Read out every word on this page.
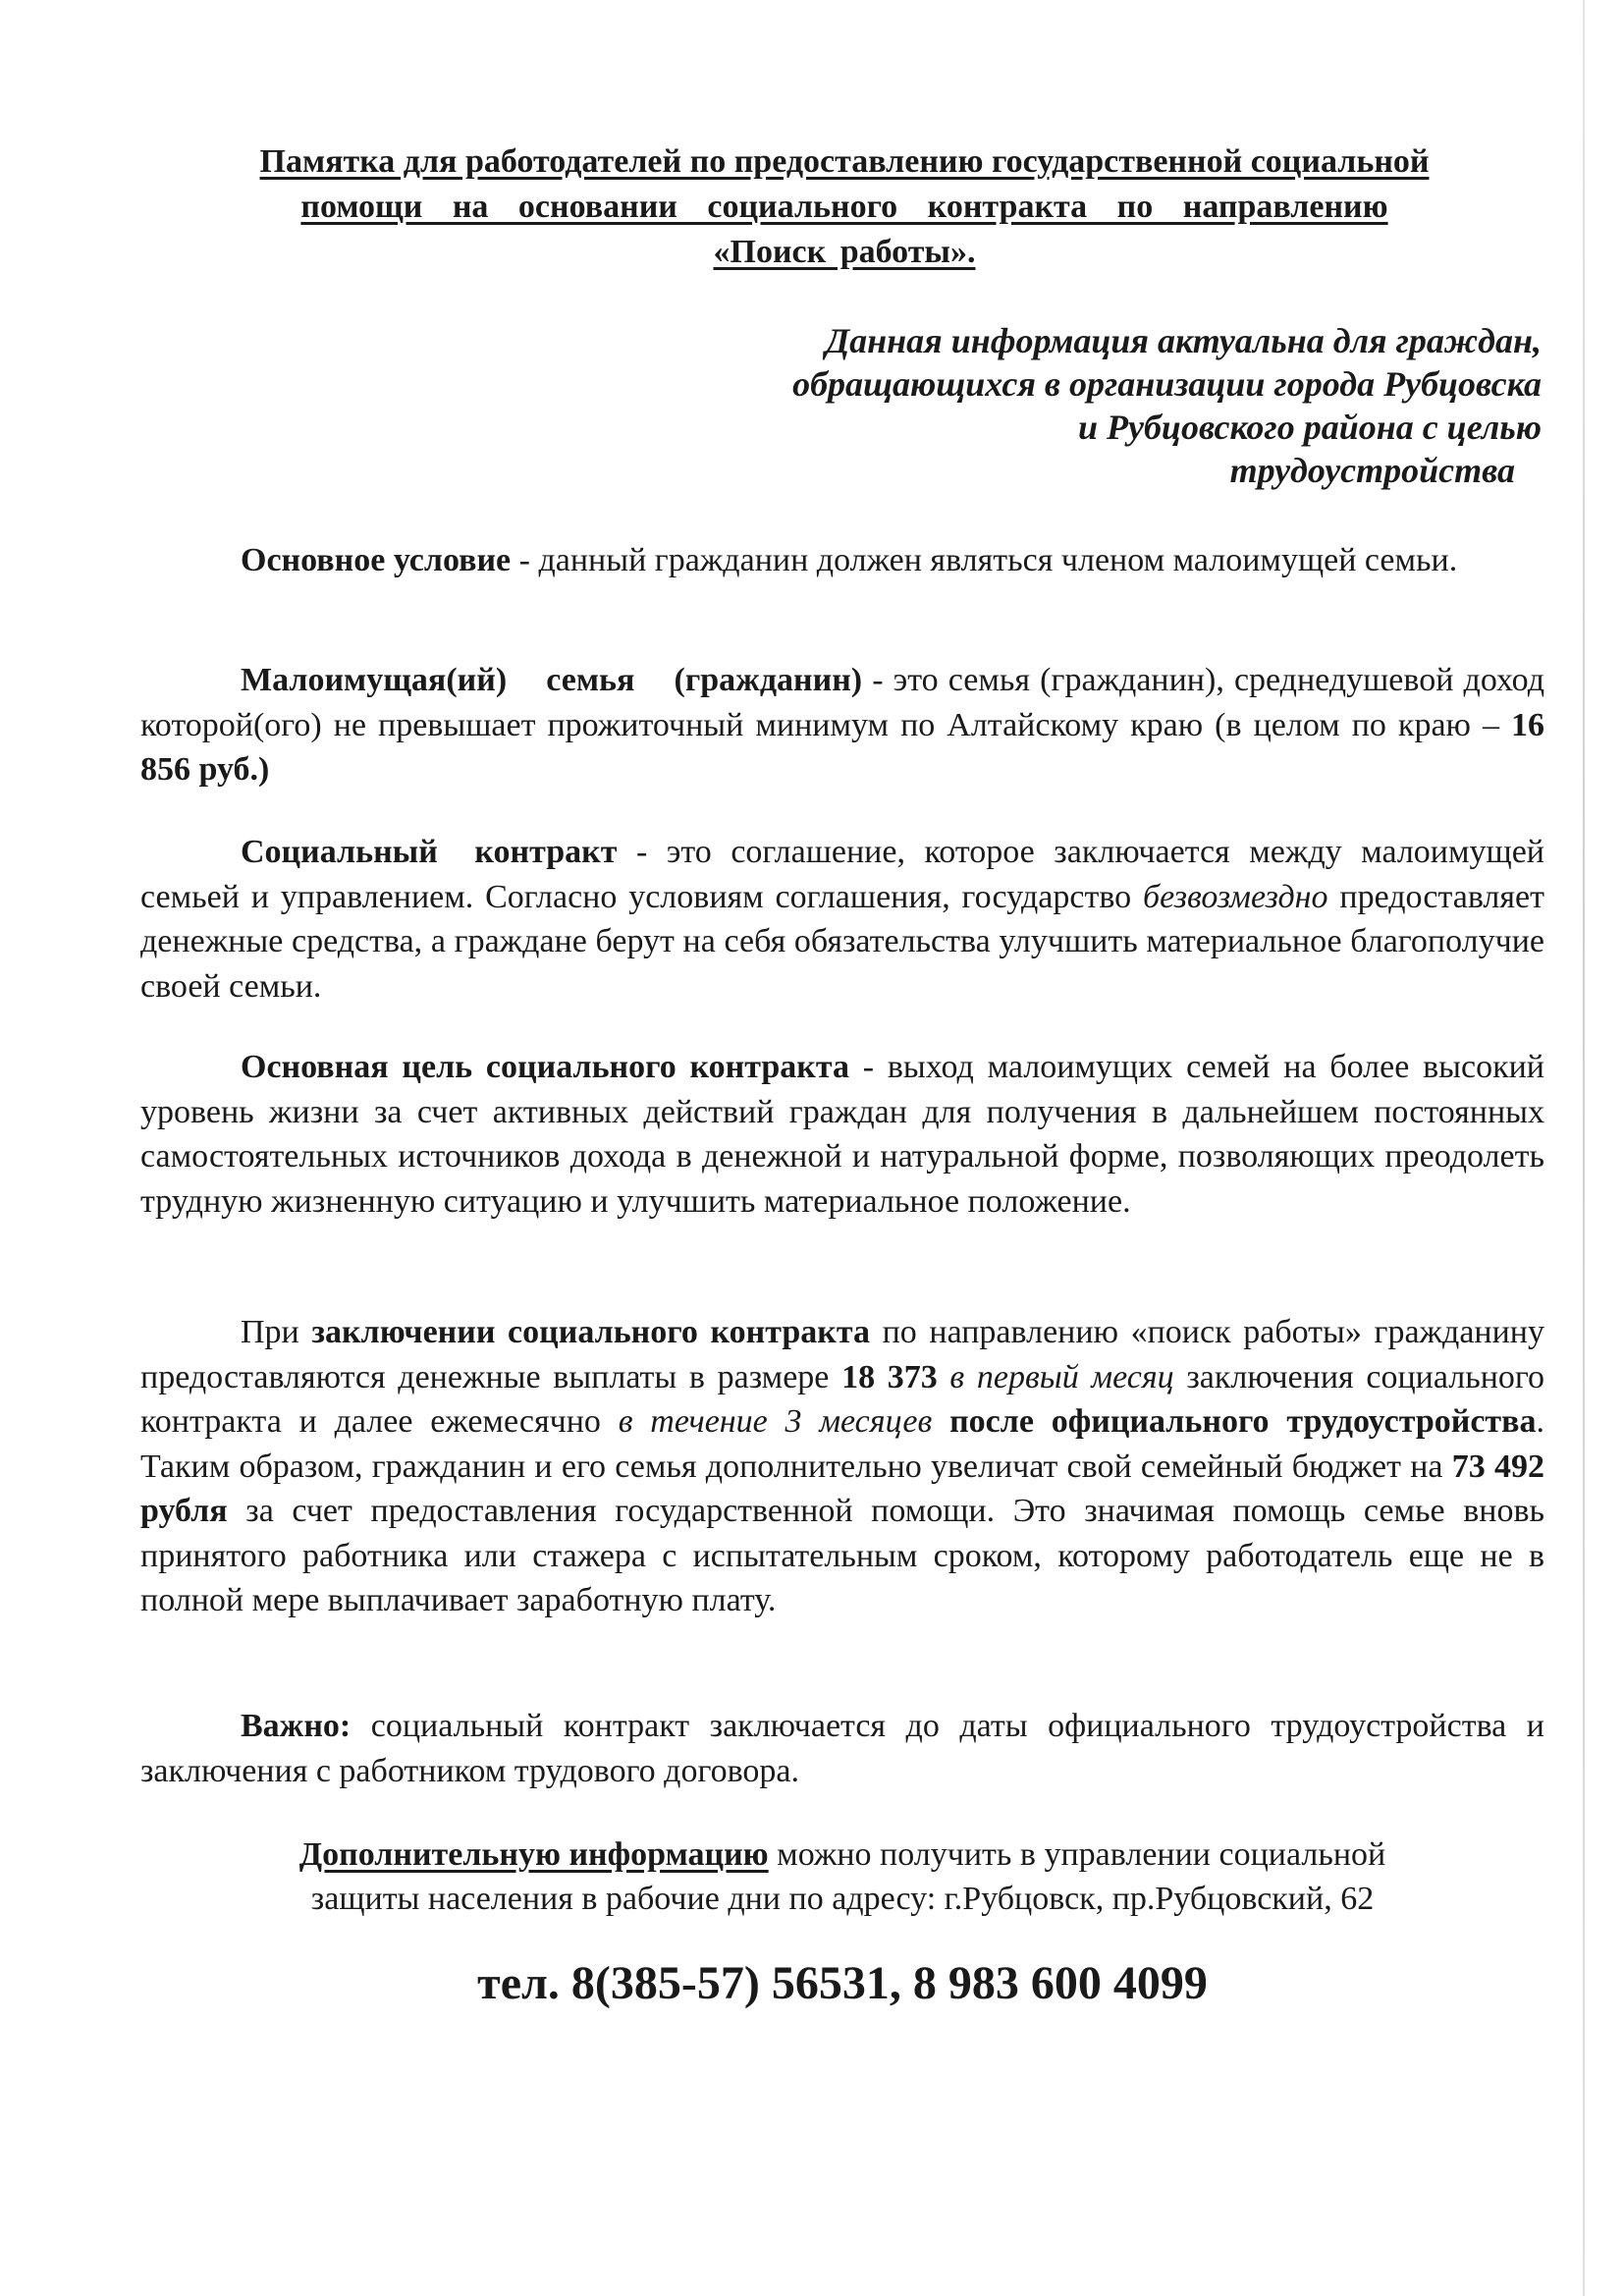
Памятка для работодателей по предоставлению государственной социальной
помощи на основании социального контракта по направлению
«Поиск работы».
Данная информация актуальна для граждан,
обращающихся в организации города Рубцовска
и Рубцовского района с целью
трудоустройства
Основное условие - данный гражданин должен являться членом малоимущей семьи.
Малоимущая(ий) семья (гражданин) - это семья (гражданин), среднедушевой доход которой(ого) не превышает прожиточный минимум по Алтайскому краю (в целом по краю – 16 856 руб.)
Социальный контракт - это соглашение, которое заключается между малоимущей семьей и управлением. Согласно условиям соглашения, государство безвозмездно предоставляет денежные средства, а граждане берут на себя обязательства улучшить материальное благополучие своей семьи.
Основная цель социального контракта - выход малоимущих семей на более высокий уровень жизни за счет активных действий граждан для получения в дальнейшем постоянных самостоятельных источников дохода в денежной и натуральной форме, позволяющих преодолеть трудную жизненную ситуацию и улучшить материальное положение.
При заключении социального контракта по направлению «поиск работы» гражданину предоставляются денежные выплаты в размере 18 373 в первый месяц заключения социального контракта и далее ежемесячно в течение 3 месяцев после официального трудоустройства. Таким образом, гражданин и его семья дополнительно увеличат свой семейный бюджет на 73 492 рубля за счет предоставления государственной помощи. Это значимая помощь семье вновь принятого работника или стажера с испытательным сроком, которому работодатель еще не в полной мере выплачивает заработную плату.
Важно: социальный контракт заключается до даты официального трудоустройства и заключения с работником трудового договора.
Дополнительную информацию можно получить в управлении социальной
защиты населения в рабочие дни по адресу: г.Рубцовск, пр.Рубцовский, 62
тел. 8(385-57) 56531, 8 983 600 4099
